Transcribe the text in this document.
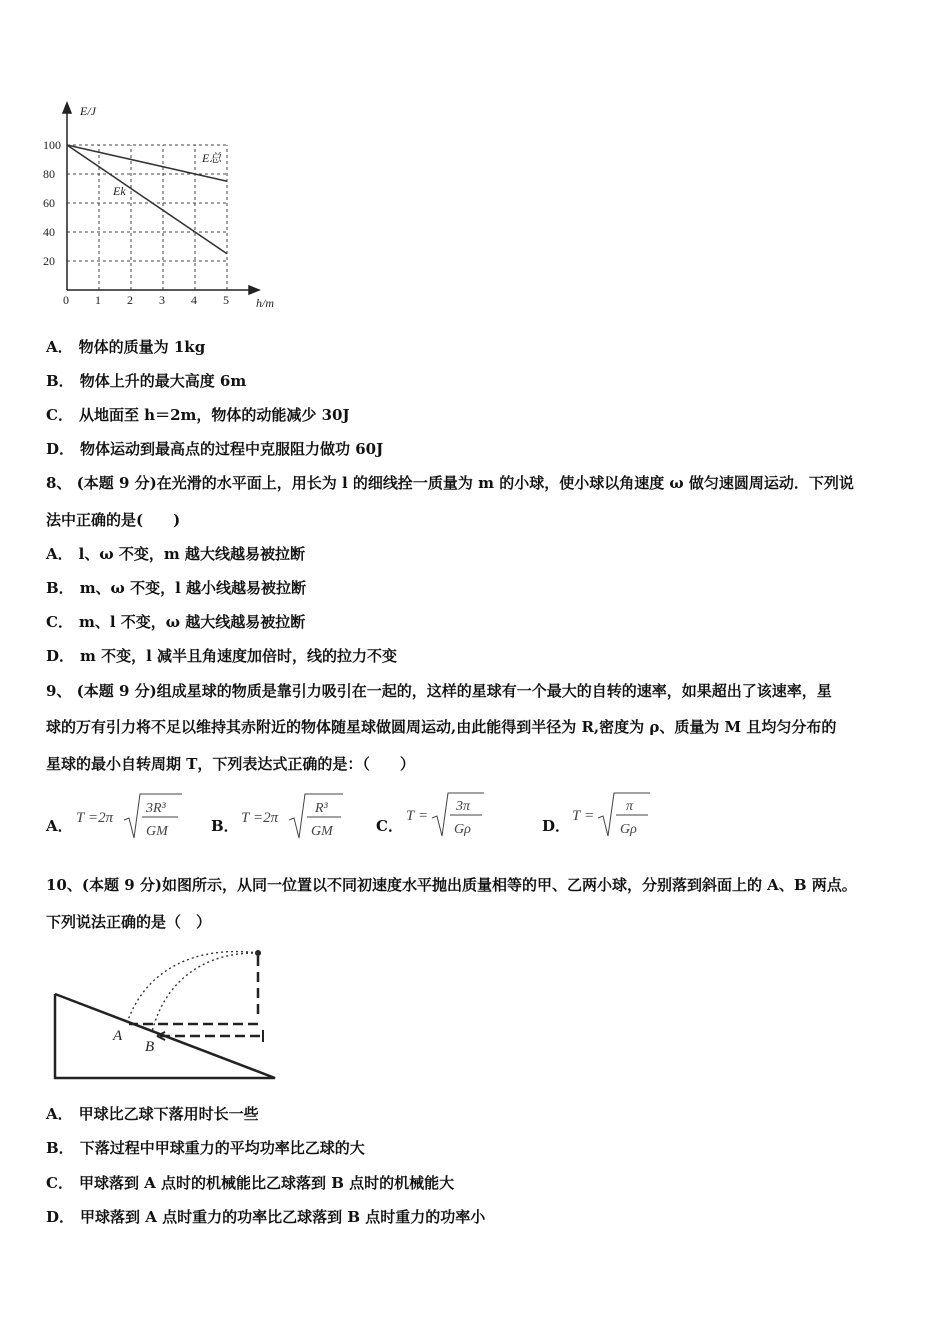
100
80
60
40
20
0 1 2 3 4 5
E/J
h/m
E总
Ek
A． 物体的质量为 1kg
B． 物体上升的最大高度 6m
C． 从地面至 h＝2m，物体的动能减少 30J
D． 物体运动到最高点的过程中克服阻力做功 60J
8、 (本题 9 分)在光滑的水平面上，用长为 l 的细线拴一质量为 m 的小球，使小球以角速度 ω 做匀速圆周运动．下列说
法中正确的是(　　)
A． l、ω 不变，m 越大线越易被拉断
B． m、ω 不变，l 越小线越易被拉断
C． m、l 不变，ω 越大线越易被拉断
D． m 不变，l 减半且角速度加倍时，线的拉力不变
9、 (本题 9 分)组成星球的物质是靠引力吸引在一起的，这样的星球有一个最大的自转的速率，如果超出了该速率，星
球的万有引力将不足以维持其赤附近的物体随星球做圆周运动,由此能得到半径为 R,密度为 ρ、质量为 M 且均匀分布的
星球的最小自转周期 T，下列表达式正确的是：（　　）
A． T =2π
3R³
GM	B． T =2π
R³
GM	C．
T =
3π
Gρ	D．
T =
π
Gρ
10、(本题 9 分)如图所示，从同一位置以不同初速度水平抛出质量相等的甲、乙两小球，分别落到斜面上的 A、B 两点。
下列说法正确的是（　）
A
B
A． 甲球比乙球下落用时长一些
B． 下落过程中甲球重力的平均功率比乙球的大
C． 甲球落到 A 点时的机械能比乙球落到 B 点时的机械能大
D． 甲球落到 A 点时重力的功率比乙球落到 B 点时重力的功率小
